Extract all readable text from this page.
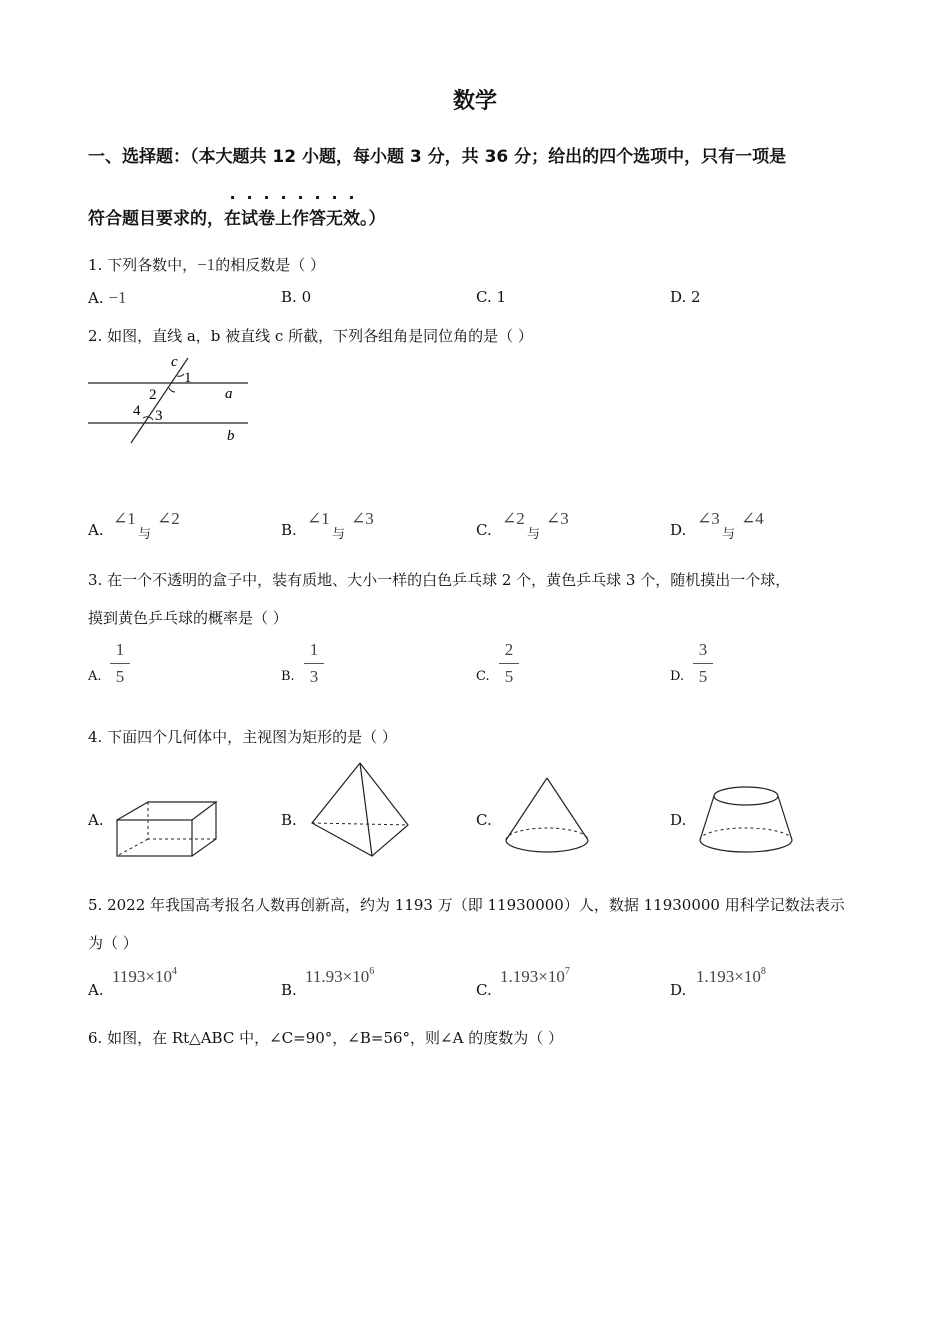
数学
一、选择题：（本大题共 12 小题，每小题 3 分，共 36 分；给出的四个选项中，只有一项是
符合题目要求的，在试卷上作答无效。）
1. 下列各数中，−1的相反数是（ ）
A. −1	B. 0	C. 1	D. 2
2. 如图，直线 a，b 被直线 c 所截，下列各组角是同位角的是（ ）
c
1
2	a
4 3
b
A.
∠1
与
∠2
B.
∠1
与
∠3
C.
∠2
与
∠3
D.
∠3
与
∠4
3. 在一个不透明的盒子中，装有质地、大小一样的白色乒乓球 2 个，黄色乒乓球 3 个，随机摸出一个球，
摸到黄色乒乓球的概率是（ ）
A.
1
5	B.
1
3	C.
2
5	D.
3
5
4. 下面四个几何体中，主视图为矩形的是（ ）
A.	B.	C.	D.
5. 2022 年我国高考报名人数再创新高，约为 1193 万（即 11930000）人，数据 11930000 用科学记数法表示
为（ ）
A.
$1193\times 10^4$
B.
$11.93\times 10^6$
C.
$1.193\times 10^7$
D.
$1.193\times 10^8$
6. 如图，在 Rt△ABC 中，∠C=90°，∠B=56°，则∠A 的度数为（ ）
